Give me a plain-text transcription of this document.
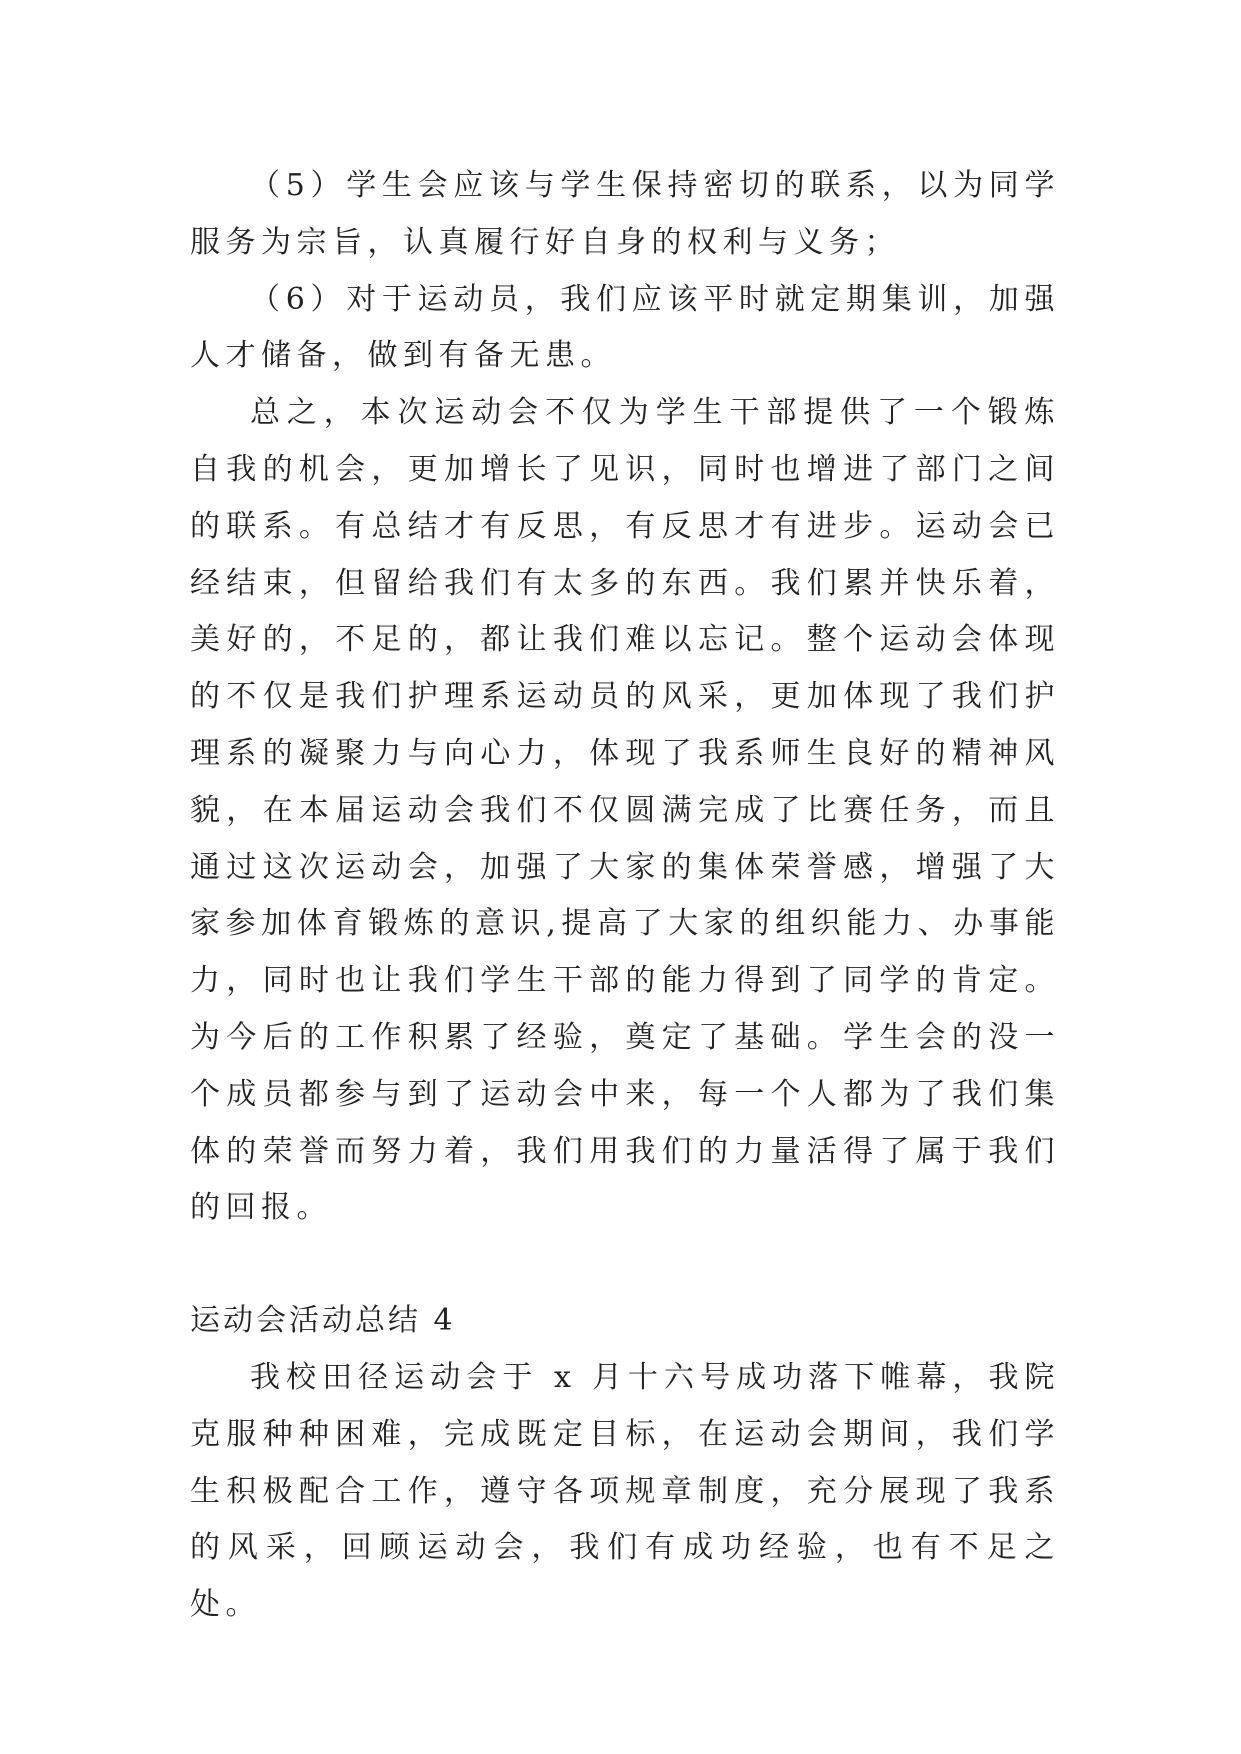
（5）学生会应该与学生保持密切的联系，以为同学服务为宗旨，认真履行好自身的权利与义务；

（6）对于运动员，我们应该平时就定期集训，加强人才储备，做到有备无患。

总之，本次运动会不仅为学生干部提供了一个锻炼自我的机会，更加增长了见识，同时也增进了部门之间的联系。有总结才有反思，有反思才有进步。运动会已经结束，但留给我们有太多的东西。我们累并快乐着，美好的，不足的，都让我们难以忘记。整个运动会体现的不仅是我们护理系运动员的风采，更加体现了我们护理系的凝聚力与向心力，体现了我系师生良好的精神风貌，在本届运动会我们不仅圆满完成了比赛任务，而且通过这次运动会，加强了大家的集体荣誉感，增强了大家参加体育锻炼的意识,提高了大家的组织能力、办事能力，同时也让我们学生干部的能力得到了同学的肯定。为今后的工作积累了经验，奠定了基础。学生会的没一个成员都参与到了运动会中来，每一个人都为了我们集体的荣誉而努力着，我们用我们的力量活得了属于我们的回报。

运动会活动总结 4

我校田径运动会于 x 月十六号成功落下帷幕，我院克服种种困难，完成既定目标，在运动会期间，我们学生积极配合工作，遵守各项规章制度，充分展现了我系的风采，回顾运动会，我们有成功经验，也有不足之处。
